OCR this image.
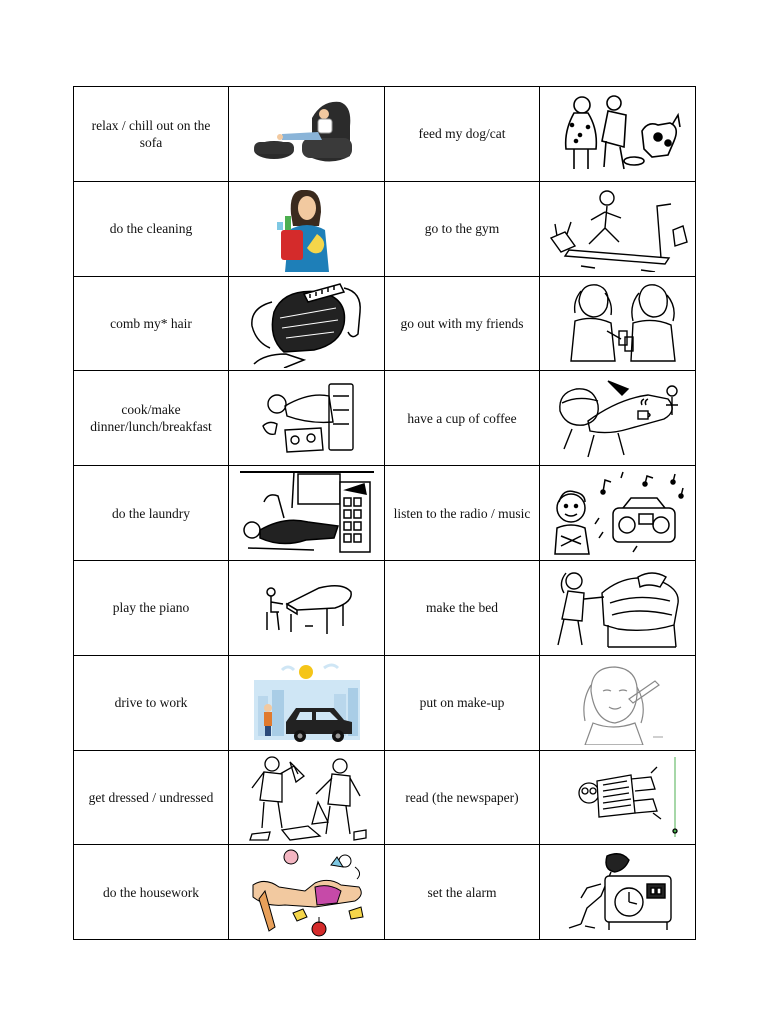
relax / chill out on the sofa		feed my dog/cat	

do the cleaning		go to the gym	

comb my* hair		go out with my friends	

cook/make dinner/lunch/breakfast		have a cup of coffee	

do the laundry		listen to the radio / music	

play the piano		make the bed	

drive to work		put on make-up	

get dressed / undressed		read (the newspaper)	

do the housework		set the alarm	
